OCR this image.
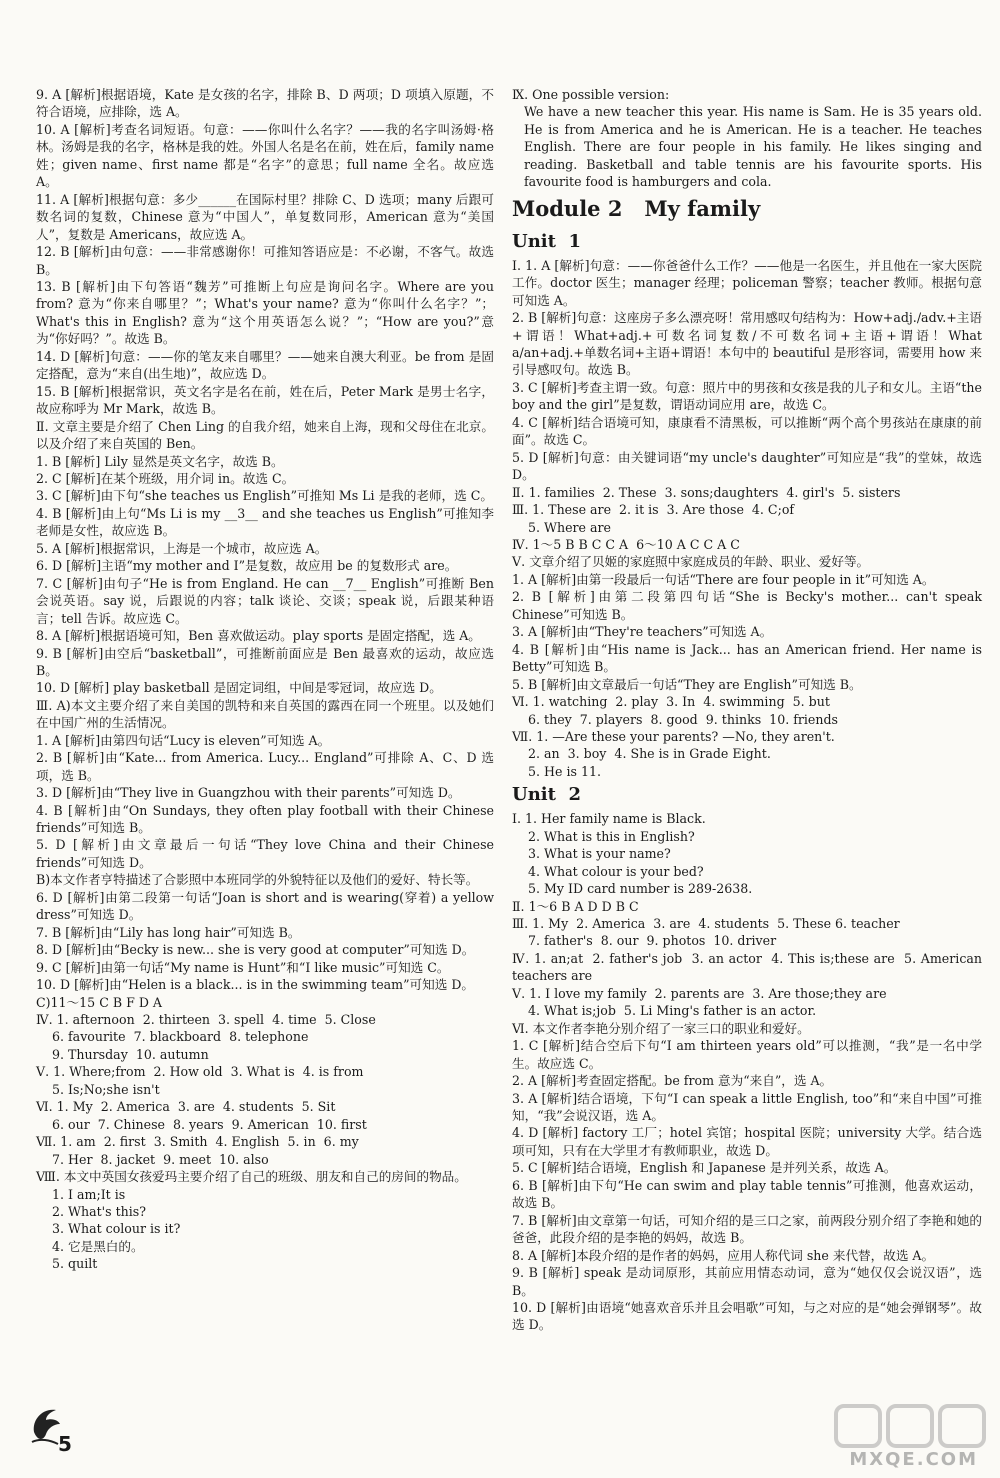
9. A [解析]根据语境，Kate 是女孩的名字，排除 B、D 两项；D 项填入原题，不符合语境，应排除，选 A。

10. A [解析]考查名词短语。句意：——你叫什么名字？——我的名字叫汤姆·格林。汤姆是我的名字，格林是我的姓。外国人名是名在前，姓在后，family name 姓；given name、first name 都是“名字”的意思；full name 全名。故应选 A。

11. A [解析]根据句意：多少______在国际村里？排除 C、D 选项；many 后跟可数名词的复数，Chinese 意为“中国人”，单复数同形，American 意为“美国人”，复数是 Americans，故应选 A。

12. B [解析]由句意：——非常感谢你！可推知答语应是：不必谢，不客气。故选 B。

13. B [解析]由下句答语“魏芳”可推断上句应是询问名字。Where are you from? 意为“你来自哪里？”；What's your name? 意为“你叫什么名字？”；What's this in English? 意为“这个用英语怎么说？”；“How are you?”意为“你好吗？”。故选 B。

14. D [解析]句意：——你的笔友来自哪里？——她来自澳大利亚。be from 是固定搭配，意为“来自(出生地)”，故应选 D。

15. B [解析]根据常识，英文名字是名在前，姓在后，Peter Mark 是男士名字，故应称呼为 Mr Mark，故选 B。

Ⅱ. 文章主要是介绍了 Chen Ling 的自我介绍，她来自上海，现和父母住在北京。以及介绍了来自英国的 Ben。

1. B [解析] Lily 显然是英文名字，故选 B。

2. C [解析]在某个班级，用介词 in。故选 C。

3. C [解析]由下句“she teaches us English”可推知 Ms Li 是我的老师，选 C。

4. B [解析]由上句“Ms Li is my __3__ and she teaches us English”可推知李老师是女性，故应选 B。

5. A [解析]根据常识，上海是一个城市，故应选 A。

6. D [解析]主语“my mother and I”是复数，故应用 be 的复数形式 are。

7. C [解析]由句子“He is from England. He can __7__ English”可推断 Ben 会说英语。say 说，后跟说的内容；talk 谈论、交谈；speak 说，后跟某种语言；tell 告诉。故应选 C。

8. A [解析]根据语境可知，Ben 喜欢做运动。play sports 是固定搭配，选 A。

9. B [解析]由空后“basketball”，可推断前面应是 Ben 最喜欢的运动，故应选 B。

10. D [解析] play basketball 是固定词组，中间是零冠词，故应选 D。

Ⅲ. A)本文主要介绍了来自美国的凯特和来自英国的露西在同一个班里。以及她们在中国广州的生活情况。

1. A [解析]由第四句话“Lucy is eleven”可知选 A。

2. B [解析]由“Kate... from America. Lucy... England”可排除 A、C、D 选项，选 B。

3. D [解析]由“They live in Guangzhou with their parents”可知选 D。

4. B [解析]由“On Sundays, they often play football with their Chinese friends”可知选 B。

5. D [解析]由文章最后一句话“They love China and their Chinese friends”可知选 D。

B)本文作者亨特描述了合影照中本班同学的外貌特征以及他们的爱好、特长等。

6. D [解析]由第二段第一句话“Joan is short and is wearing(穿着) a yellow dress”可知选 D。

7. B [解析]由“Lily has long hair”可知选 B。

8. D [解析]由“Becky is new... she is very good at computer”可知选 D。

9. C [解析]由第一句话“My name is Hunt”和“I like music”可知选 C。

10. D [解析]由“Helen is a black... is in the swimming team”可知选 D。

C)11～15 C B F D A

Ⅳ. 1. afternoon  2. thirteen  3. spell  4. time  5. Close

6. favourite  7. blackboard  8. telephone

9. Thursday  10. autumn

Ⅴ. 1. Where;from  2. How old  3. What is  4. is from

5. Is;No;she isn't

Ⅵ. 1. My  2. America  3. are  4. students  5. Sit

6. our  7. Chinese  8. years  9. American  10. first

Ⅶ. 1. am  2. first  3. Smith  4. English  5. in  6. my

7. Her  8. jacket  9. meet  10. also

Ⅷ. 本文中英国女孩爱玛主要介绍了自己的班级、朋友和自己的房间的物品。

1. I am;It is

2. What's this?

3. What colour is it?

4. 它是黑白的。

5. quilt

Ⅸ. One possible version:

We have a new teacher this year. His name is Sam. He is 35 years old. He is from America and he is American. He is a teacher. He teaches English. There are four people in his family. He likes singing and reading. Basketball and table tennis are his favourite sports. His favourite food is hamburgers and cola.

Module 2   My family

Unit  1

Ⅰ. 1. A [解析]句意：——你爸爸什么工作？——他是一名医生，并且他在一家大医院工作。doctor 医生；manager 经理；policeman 警察；teacher 教师。根据句意可知选 A。

2. B [解析]句意：这座房子多么漂亮呀！常用感叹句结构为：How+adj./adv.+主语+谓语！What+adj.+可数名词复数/不可数名词+主语+谓语！What a/an+adj.+单数名词+主语+谓语！本句中的 beautiful 是形容词，需要用 how 来引导感叹句。故选 B。

3. C [解析]考查主谓一致。句意：照片中的男孩和女孩是我的儿子和女儿。主语“the boy and the girl”是复数，谓语动词应用 are，故选 C。

4. C [解析]结合语境可知，康康看不清黑板，可以推断“两个高个男孩站在康康的前面”。故选 C。

5. D [解析]句意：由关键词语“my uncle's daughter”可知应是“我”的堂妹，故选 D。

Ⅱ. 1. families  2. These  3. sons;daughters  4. girl's  5. sisters

Ⅲ. 1. These are  2. it is  3. Are those  4. C;of

5. Where are

Ⅳ. 1～5 B B C C A  6～10 A C C A C

Ⅴ. 文章介绍了贝姬的家庭照中家庭成员的年龄、职业、爱好等。

1. A [解析]由第一段最后一句话“There are four people in it”可知选 A。

2. B [解析]由第二段第四句话“She is Becky's mother... can't speak Chinese”可知选 B。

3. A [解析]由“They're teachers”可知选 A。

4. B [解析]由“His name is Jack... has an American friend. Her name is Betty”可知选 B。

5. B [解析]由文章最后一句话“They are English”可知选 B。

Ⅵ. 1. watching  2. play  3. In  4. swimming  5. but

6. they  7. players  8. good  9. thinks  10. friends

Ⅶ. 1. —Are these your parents? —No, they aren't.

2. an  3. boy  4. She is in Grade Eight.

5. He is 11.

Unit  2

Ⅰ. 1. Her family name is Black.

2. What is this in English?

3. What is your name?

4. What colour is your bed?

5. My ID card number is 289-2638.

Ⅱ. 1～6 B A D D B C

Ⅲ. 1. My  2. America  3. are  4. students  5. These 6. teacher

7. father's  8. our  9. photos  10. driver

Ⅳ. 1. an;at  2. father's job  3. an actor  4. This is;these are  5. American teachers are

Ⅴ. 1. I love my family  2. parents are  3. Are those;they are

4. What is;job  5. Li Ming's father is an actor.

Ⅵ. 本文作者李艳分别介绍了一家三口的职业和爱好。

1. C [解析]结合空后下句“I am thirteen years old”可以推测，“我”是一名中学生。故应选 C。

2. A [解析]考查固定搭配。be from 意为“来自”，选 A。

3. A [解析]结合语境，下句“I can speak a little English, too”和“来自中国”可推知，“我”会说汉语，选 A。

4. D [解析] factory 工厂；hotel 宾馆；hospital 医院；university 大学。结合选项可知，只有在大学里才有教师职业，故选 D。

5. C [解析]结合语境，English 和 Japanese 是并列关系，故选 A。

6. B [解析]由下句“He can swim and play table tennis”可推测，他喜欢运动，故选 B。

7. B [解析]由文章第一句话，可知介绍的是三口之家，前两段分别介绍了李艳和她的爸爸，此段介绍的是李艳的妈妈，故选 B。

8. A [解析]本段介绍的是作者的妈妈，应用人称代词 she 来代替，故选 A。

9. B [解析] speak 是动词原形，其前应用情态动词，意为“她仅仅会说汉语”，选 B。

10. D [解析]由语境“她喜欢音乐并且会唱歌”可知，与之对应的是“她会弹钢琴”。故选 D。

5
MXQE.COM
